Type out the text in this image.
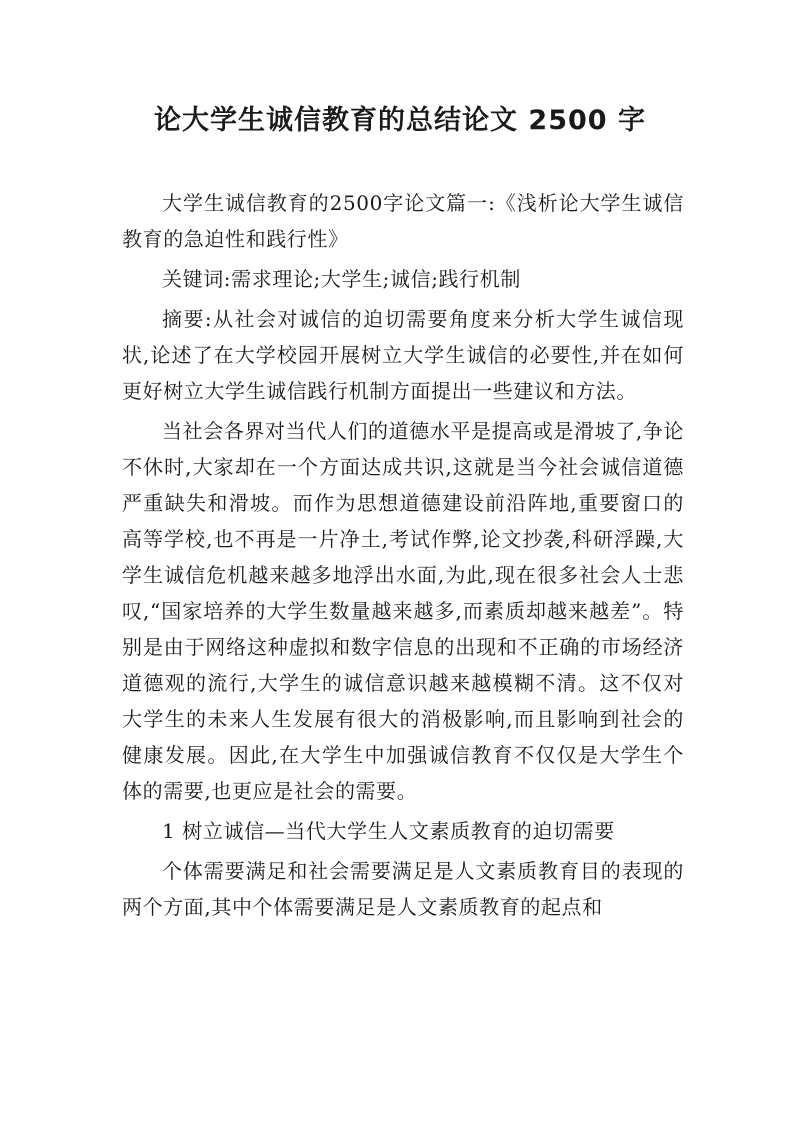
论大学生诚信教育的总结论文 2500 字

大学生诚信教育的2500字论文篇一:《浅析论大学生诚信教育的急迫性和践行性》

关键词:需求理论;大学生;诚信;践行机制

摘要:从社会对诚信的迫切需要角度来分析大学生诚信现状,论述了在大学校园开展树立大学生诚信的必要性,并在如何更好树立大学生诚信践行机制方面提出一些建议和方法。

当社会各界对当代人们的道德水平是提高或是滑坡了,争论不休时,大家却在一个方面达成共识,这就是当今社会诚信道德严重缺失和滑坡。而作为思想道德建设前沿阵地,重要窗口的高等学校,也不再是一片净土,考试作弊,论文抄袭,科研浮躁,大学生诚信危机越来越多地浮出水面,为此,现在很多社会人士悲叹,“国家培养的大学生数量越来越多,而素质却越来越差”。特别是由于网络这种虚拟和数字信息的出现和不正确的市场经济道德观的流行,大学生的诚信意识越来越模糊不清。这不仅对大学生的未来人生发展有很大的消极影响,而且影响到社会的健康发展。因此,在大学生中加强诚信教育不仅仅是大学生个体的需要,也更应是社会的需要。

1 树立诚信—当代大学生人文素质教育的迫切需要

个体需要满足和社会需要满足是人文素质教育目的表现的两个方面,其中个体需要满足是人文素质教育的起点和
